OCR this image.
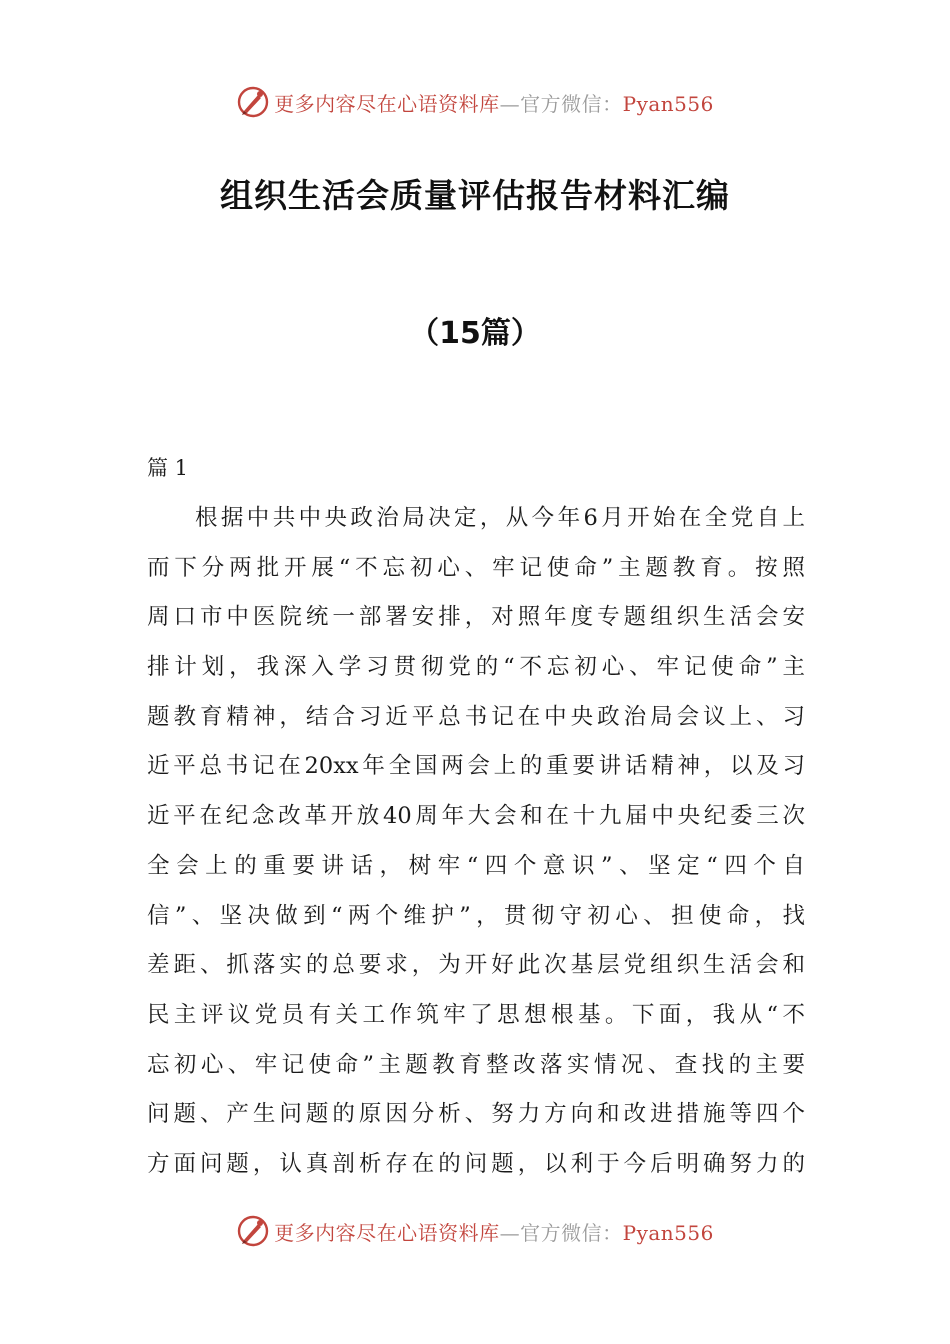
更多内容尽在心语资料库—官方微信：Pyan556
组织生活会质量评估报告材料汇编
（15篇）
篇 1
根据中共中央政治局决定，从今年6月开始在全党自上
而下分两批开展“不忘初心、牢记使命”主题教育。按照
周口市中医院统一部署安排，对照年度专题组织生活会安
排计划，我深入学习贯彻党的“不忘初心、牢记使命”主
题教育精神，结合习近平总书记在中央政治局会议上、习
近平总书记在20xx年全国两会上的重要讲话精神，以及习
近平在纪念改革开放40周年大会和在十九届中央纪委三次
全会上的重要讲话，树牢“四个意识”、坚定“四个自
信”、坚决做到“两个维护”，贯彻守初心、担使命，找
差距、抓落实的总要求，为开好此次基层党组织生活会和
民主评议党员有关工作筑牢了思想根基。下面，我从“不
忘初心、牢记使命”主题教育整改落实情况、查找的主要
问题、产生问题的原因分析、努力方向和改进措施等四个
方面问题，认真剖析存在的问题，以利于今后明确努力的
更多内容尽在心语资料库—官方微信：Pyan556
